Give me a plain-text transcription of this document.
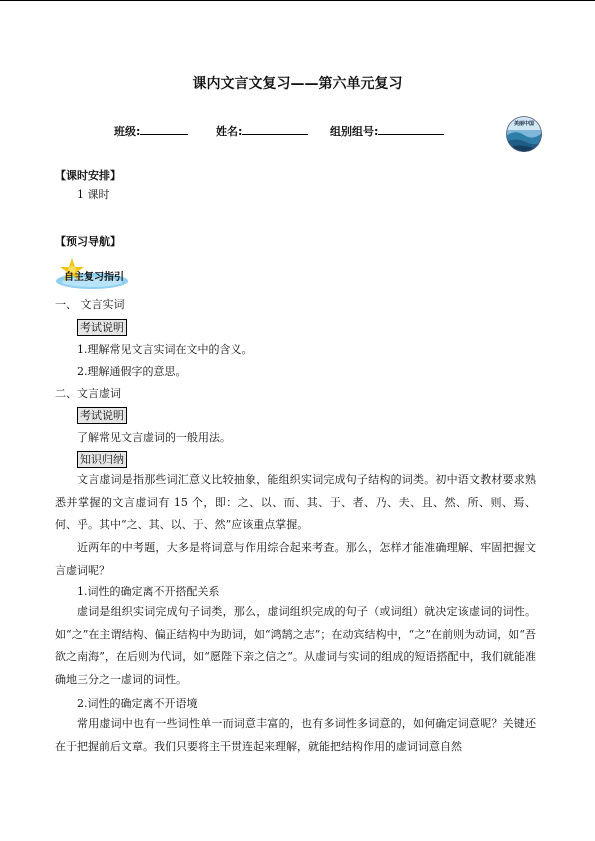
课内文言文复习——第六单元复习
班级:	姓名:	组别组号:
美丽中国
【课时安排】
1 课时
【预习导航】
自主复习指引
一、 文言实词
考试说明
1.理解常见文言实词在文中的含义。
2.理解通假字的意思。
二、文言虚词
考试说明
了解常见文言虚词的一般用法。
知识归纳

文言虚词是指那些词汇意义比较抽象，能组织实词完成句子结构的词类。初中语文教材要求熟悉并掌握的文言虚词有 15 个，即：之、以、而、其、于、者、乃、夫、且、然、所、则、焉、何、乎。其中“之、其、以、于、然”应该重点掌握。

近两年的中考题，大多是将词意与作用综合起来考查。那么，怎样才能准确理解、牢固把握文言虚词呢？

1.词性的确定离不开搭配关系

虚词是组织实词完成句子词类，那么，虚词组织完成的句子（或词组）就决定该虚词的词性。如“之”在主谓结构、偏正结构中为助词，如“鸿鹄之志”；在动宾结构中，“之”在前则为动词，如“吾欲之南海”，在后则为代词，如“愿陛下亲之信之”。从虚词与实词的组成的短语搭配中，我们就能准确地三分之一虚词的词性。

2.词性的确定离不开语境

常用虚词中也有一些词性单一而词意丰富的，也有多词性多词意的，如何确定词意呢？关键还在于把握前后文章。我们只要将主干贯连起来理解，就能把结构作用的虚词词意自然
